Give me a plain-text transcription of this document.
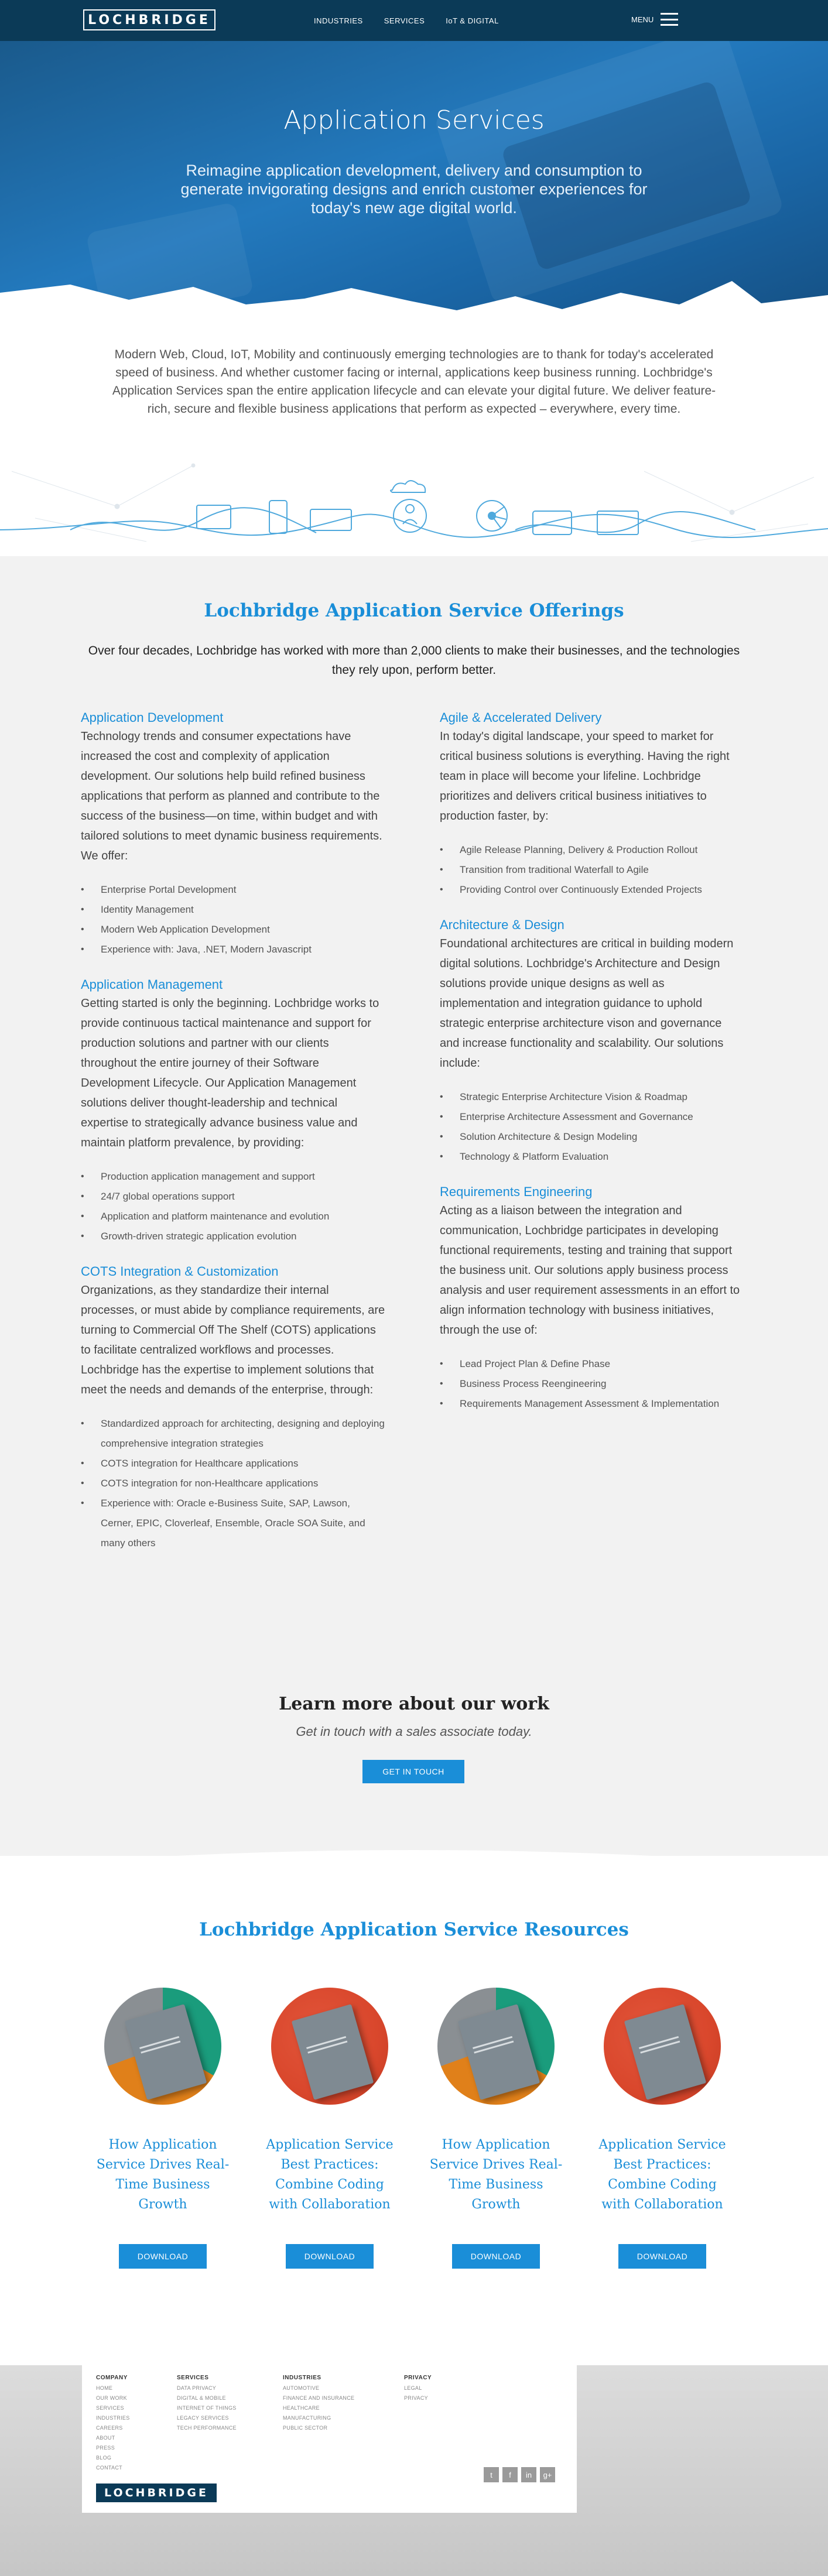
LOCHBRIDGE	INDUSTRIES	SERVICES	IoT & DIGITAL	MENU
Application Services

Reimagine application development, delivery and consumption to generate invigorating designs and enrich customer experiences for today's new age digital world.

Modern Web, Cloud, IoT, Mobility and continuously emerging technologies are to thank for today's accelerated speed of business. And whether customer facing or internal, applications keep business running. Lochbridge's Application Services span the entire application lifecycle and can elevate your digital future. We deliver feature-rich, secure and flexible business applications that perform as expected – everywhere, every time.

Lochbridge Application Service Offerings

Over four decades, Lochbridge has worked with more than 2,000 clients to make their businesses, and the technologies they rely upon, perform better.

Application Development

Technology trends and consumer expectations have increased the cost and complexity of application development. Our solutions help build refined business applications that perform as planned and contribute to the success of the business—on time, within budget and with tailored solutions to meet dynamic business requirements. We offer:

• Enterprise Portal Development
• Identity Management
• Modern Web Application Development
• Experience with: Java, .NET, Modern Javascript
Application Management

Getting started is only the beginning. Lochbridge works to provide continuous tactical maintenance and support for production solutions and partner with our clients throughout the entire journey of their Software Development Lifecycle. Our Application Management solutions deliver thought-leadership and technical expertise to strategically advance business value and maintain platform prevalence, by providing:

• Production application management and support
• 24/7 global operations support
• Application and platform maintenance and evolution
• Growth-driven strategic application evolution
COTS Integration & Customization

Organizations, as they standardize their internal processes, or must abide by compliance requirements, are turning to Commercial Off The Shelf (COTS) applications to facilitate centralized workflows and processes. Lochbridge has the expertise to implement solutions that meet the needs and demands of the enterprise, through:

• Standardized approach for architecting, designing and deploying comprehensive integration strategies
• COTS integration for Healthcare applications
• COTS integration for non-Healthcare applications
• Experience with: Oracle e-Business Suite, SAP, Lawson, Cerner, EPIC, Cloverleaf, Ensemble, Oracle SOA Suite, and many others
Agile & Accelerated Delivery

In today's digital landscape, your speed to market for critical business solutions is everything. Having the right team in place will become your lifeline. Lochbridge prioritizes and delivers critical business initiatives to production faster, by:

• Agile Release Planning, Delivery & Production Rollout
• Transition from traditional Waterfall to Agile
• Providing Control over Continuously Extended Projects
Architecture & Design

Foundational architectures are critical in building modern digital solutions. Lochbridge's Architecture and Design solutions provide unique designs as well as implementation and integration guidance to uphold strategic enterprise architecture vison and governance and increase functionality and scalability. Our solutions include:

• Strategic Enterprise Architecture Vision & Roadmap
• Enterprise Architecture Assessment and Governance
• Solution Architecture & Design Modeling
• Technology & Platform Evaluation
Requirements Engineering

Acting as a liaison between the integration and communication, Lochbridge participates in developing functional requirements, testing and training that support the business unit. Our solutions apply business process analysis and user requirement assessments in an effort to align information technology with business initiatives, through the use of:

• Lead Project Plan & Define Phase
• Business Process Reengineering
• Requirements Management Assessment & Implementation
Learn more about our work

Get in touch with a sales associate today.

GET IN TOUCH
Lochbridge Application Service Resources
How Application Service Drives Real-Time Business Growth
Application Service Best Practices: Combine Coding with Collaboration
How Application Service Drives Real-Time Business Growth
Application Service Best Practices: Combine Coding with Collaboration
DOWNLOAD	DOWNLOAD	DOWNLOAD	DOWNLOAD
COMPANY
HOME
OUR WORK
SERVICES
INDUSTRIES
CAREERS
ABOUT
PRESS
BLOG
CONTACT
SERVICES
DATA PRIVACY
DIGITAL & MOBILE
INTERNET OF THINGS
LEGACY SERVICES
TECH PERFORMANCE
INDUSTRIES
AUTOMOTIVE
FINANCE AND INSURANCE
HEALTHCARE
MANUFACTURING
PUBLIC SECTOR
PRIVACY
LEGAL
PRIVACY
t	f	in	g+
LOCHBRIDGE
